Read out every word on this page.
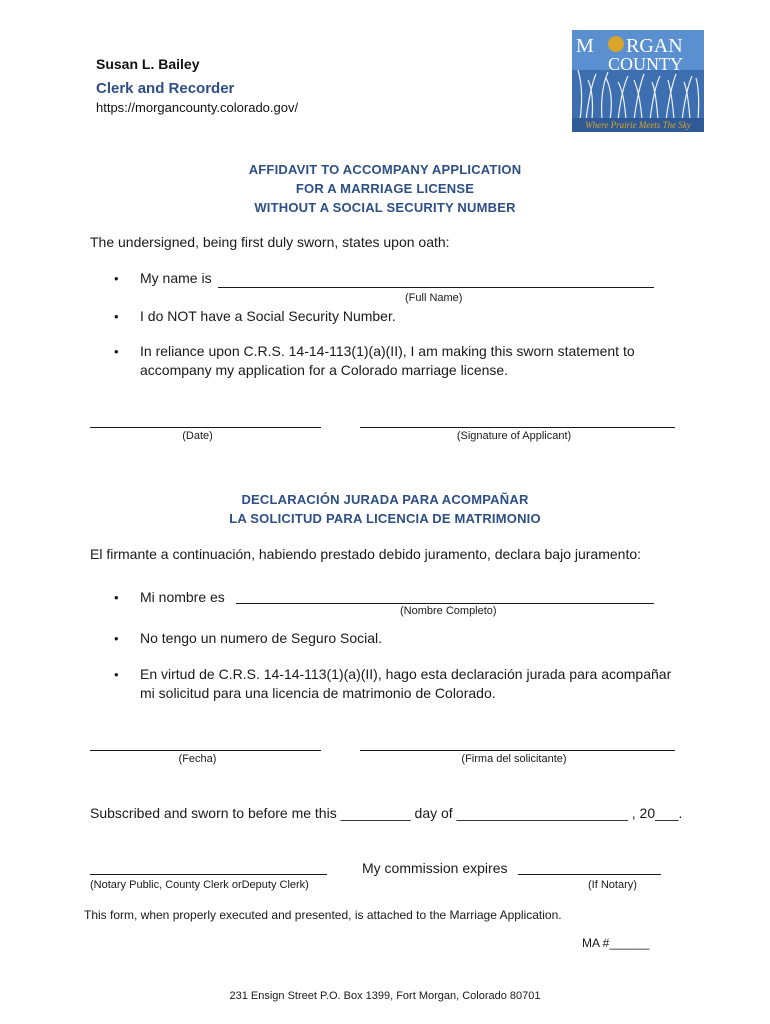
Susan L. Bailey
Clerk and Recorder
https://morgancounty.colorado.gov/
M RGAN
COUNTY
Where Prairie Meets The Sky
AFFIDAVIT TO ACCOMPANY APPLICATION
FOR A MARRIAGE LICENSE
WITHOUT A SOCIAL SECURITY NUMBER
The undersigned, being first duly sworn, states upon oath:
• My name is
(Full Name)
• I do NOT have a Social Security Number.
• In reliance upon C.R.S. 14-14-113(1)(a)(II), I am making this sworn statement to
accompany my application for a Colorado marriage license.
(Date)	(Signature of Applicant)
DECLARACIÓN JURADA PARA ACOMPAÑAR
LA SOLICITUD PARA LICENCIA DE MATRIMONIO
El firmante a continuación, habiendo prestado debido juramento, declara bajo juramento:
• Mi nombre es
(Nombre Completo)
• No tengo un numero de Seguro Social.
• En virtud de C.R.S. 14-14-113(1)(a)(II), hago esta declaración jurada para acompañar
mi solicitud para una licencia de matrimonio de Colorado.
(Fecha)	(Firma del solicitante)
Subscribed and sworn to before me this _________ day of ______________________ , 20___.
(Notary Public, County Clerk orDeputy Clerk)
My commission expires
(If Notary)
This form, when properly executed and presented, is attached to the Marriage Application.
MA #______
231 Ensign Street P.O. Box 1399, Fort Morgan, Colorado 80701
